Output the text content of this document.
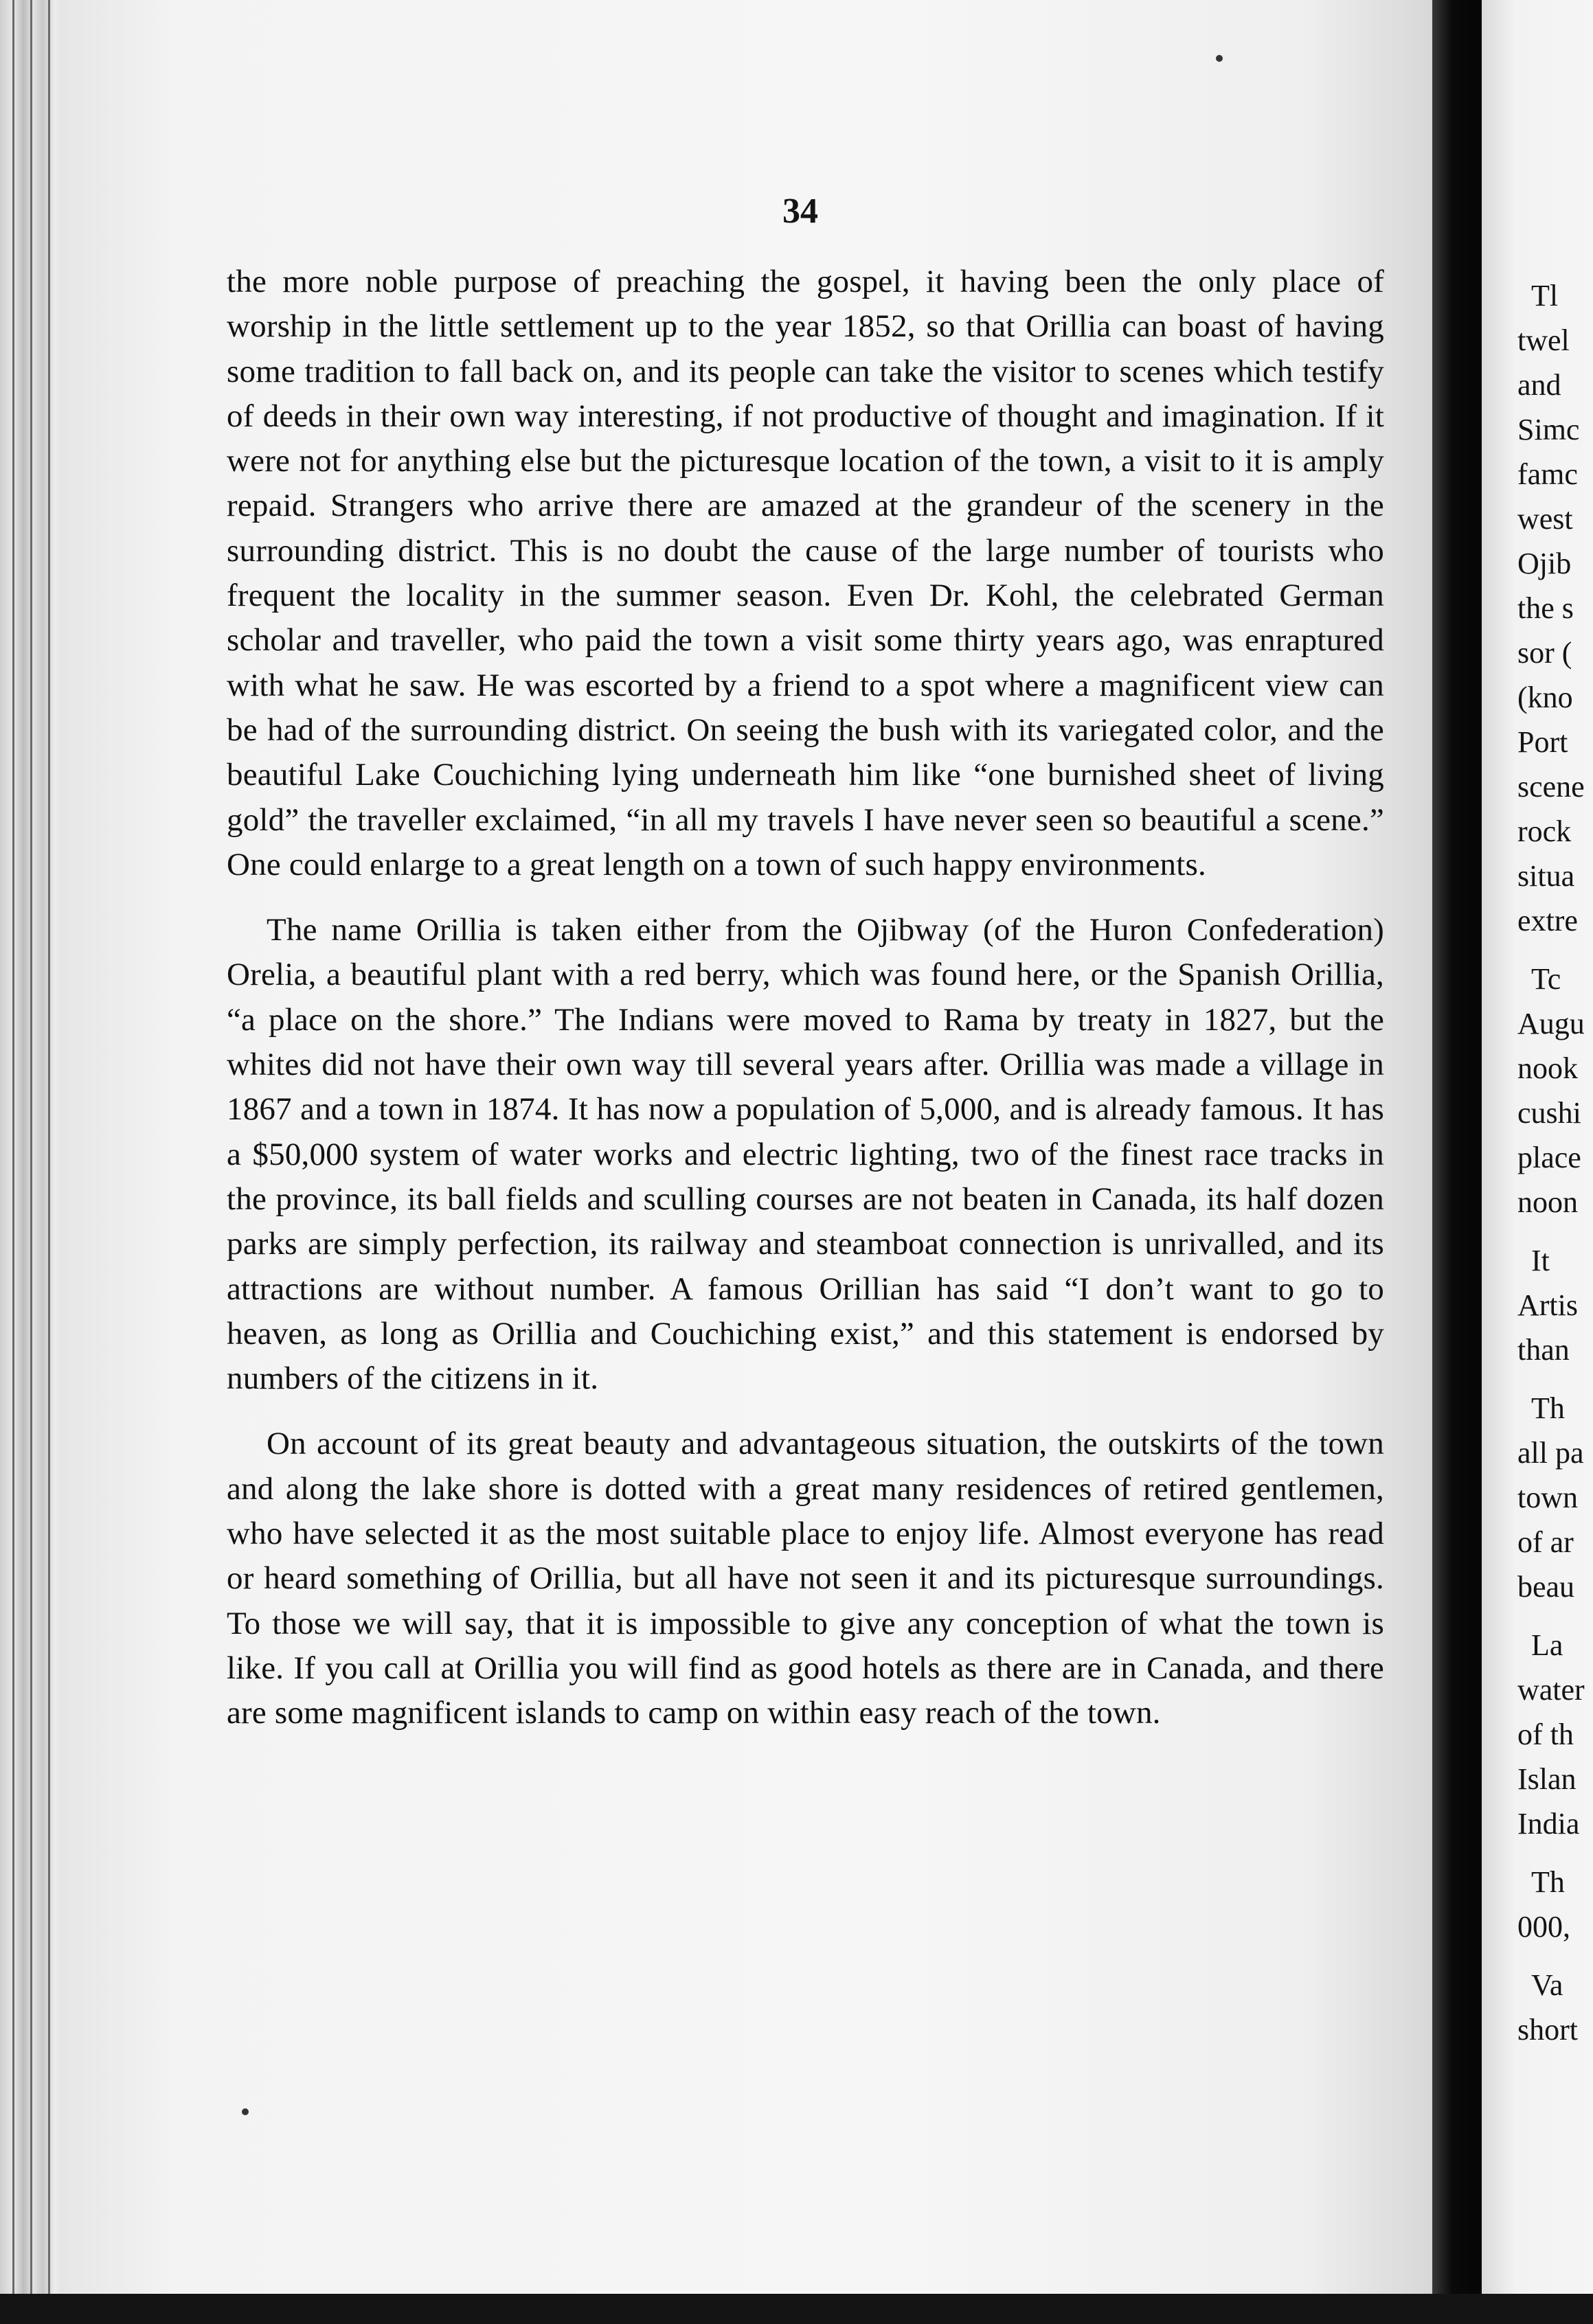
34

the more noble purpose of preaching the gospel, it having been the only place of worship in the little settlement up to the year 1852, so that Orillia can boast of having some tradition to fall back on, and its people can take the visitor to scenes which testify of deeds in their own way interesting, if not productive of thought and imagination. If it were not for anything else but the picturesque location of the town, a visit to it is amply repaid. Strangers who arrive there are amazed at the grandeur of the scenery in the surrounding district. This is no doubt the cause of the large number of tourists who frequent the locality in the summer season. Even Dr. Kohl, the celebrated German scholar and traveller, who paid the town a visit some thirty years ago, was enraptured with what he saw. He was escorted by a friend to a spot where a magnificent view can be had of the surrounding district. On seeing the bush with its variegated color, and the beautiful Lake Couchiching lying underneath him like “one burnished sheet of living gold” the traveller exclaimed, “in all my travels I have never seen so beautiful a scene.” One could enlarge to a great length on a town of such happy environments.

The name Orillia is taken either from the Ojibway (of the Huron Confederation) Orelia, a beautiful plant with a red berry, which was found here, or the Spanish Orillia, “a place on the shore.” The Indians were moved to Rama by treaty in 1827, but the whites did not have their own way till several years after. Orillia was made a village in 1867 and a town in 1874. It has now a population of 5,000, and is already famous. It has a $50,000 system of water works and electric lighting, two of the finest race tracks in the province, its ball fields and sculling courses are not beaten in Canada, its half dozen parks are simply perfection, its railway and steamboat connection is unrivalled, and its attractions are without number. A famous Orillian has said “I don’t want to go to heaven, as long as Orillia and Couchiching exist,” and this statement is endorsed by numbers of the citizens in it.

On account of its great beauty and advantageous situation, the outskirts of the town and along the lake shore is dotted with a great many residences of retired gentlemen, who have selected it as the most suitable place to enjoy life. Almost everyone has read or heard something of Orillia, but all have not seen it and its picturesque surroundings. To those we will say, that it is impossible to give any conception of what the town is like. If you call at Orillia you will find as good hotels as there are in Canada, and there are some magnificent islands to camp on within easy reach of the town.

Tl
twel
and
Simc
famc
west
Ojib
the s
sor (
(kno
Port
scene
rock
situa
extre
Tc
Augu
nook
cushi
place
noon
It
Artis
than
Th
all pa
town
of ar
beau
La
water
of th
Islan
India
Th
000,
Va
short
